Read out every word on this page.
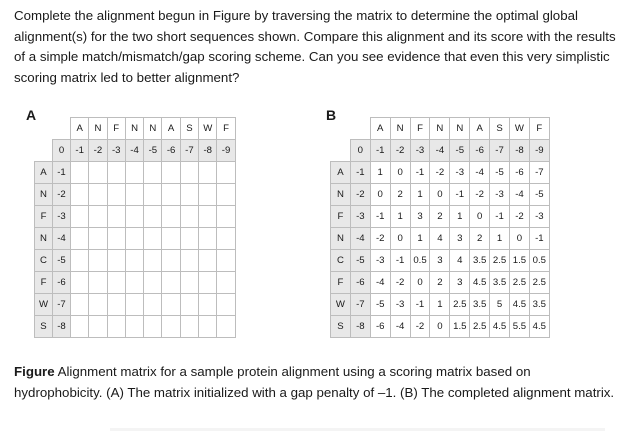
Complete the alignment begun in Figure by traversing the matrix to determine the optimal global alignment(s) for the two short sequences shown. Compare this alignment and its score with the results of a simple match/mismatch/gap scoring scheme. Can you see evidence that even this very simplistic scoring matrix led to better alignment?

A
		A	N	F	N	N	A	S	W	F
	0	-1	-2	-3	-4	-5	-6	-7	-8	-9
A	-1									
N	-2									
F	-3									
N	-4									
C	-5									
F	-6									
W	-7									
S	-8									
B
		A	N	F	N	N	A	S	W	F
	0	-1	-2	-3	-4	-5	-6	-7	-8	-9
A	-1	1	0	-1	-2	-3	-4	-5	-6	-7
N	-2	0	2	1	0	-1	-2	-3	-4	-5
F	-3	-1	1	3	2	1	0	-1	-2	-3
N	-4	-2	0	1	4	3	2	1	0	-1
C	-5	-3	-1	0.5	3	4	3.5	2.5	1.5	0.5
F	-6	-4	-2	0	2	3	4.5	3.5	2.5	2.5
W	-7	-5	-3	-1	1	2.5	3.5	5	4.5	3.5
S	-8	-6	-4	-2	0	1.5	2.5	4.5	5.5	4.5

Figure Alignment matrix for a sample protein alignment using a scoring matrix based on hydrophobicity. (A) The matrix initialized with a gap penalty of –1. (B) The completed alignment matrix.
